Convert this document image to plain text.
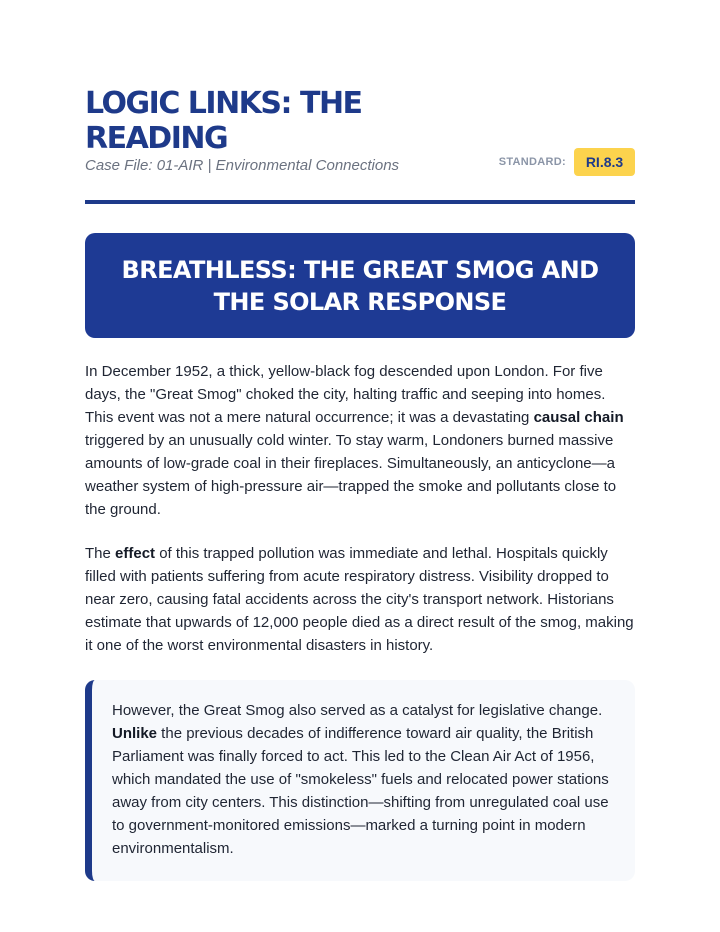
LOGIC LINKS: THE READING
Case File: 01-AIR | Environmental Connections	STANDARD:	RI.8.3
BREATHLESS: THE GREAT SMOG AND THE SOLAR RESPONSE

In December 1952, a thick, yellow-black fog descended upon London. For five days, the "Great Smog" choked the city, halting traffic and seeping into homes. This event was not a mere natural occurrence; it was a devastating causal chain triggered by an unusually cold winter. To stay warm, Londoners burned massive amounts of low-grade coal in their fireplaces. Simultaneously, an anticyclone—a weather system of high-pressure air—trapped the smoke and pollutants close to the ground.

The effect of this trapped pollution was immediate and lethal. Hospitals quickly filled with patients suffering from acute respiratory distress. Visibility dropped to near zero, causing fatal accidents across the city's transport network. Historians estimate that upwards of 12,000 people died as a direct result of the smog, making it one of the worst environmental disasters in history.

However, the Great Smog also served as a catalyst for legislative change. Unlike the previous decades of indifference toward air quality, the British Parliament was finally forced to act. This led to the Clean Air Act of 1956, which mandated the use of "smokeless" fuels and relocated power stations away from city centers. This distinction—shifting from unregulated coal use to government-monitored emissions—marked a turning point in modern environmentalism.
